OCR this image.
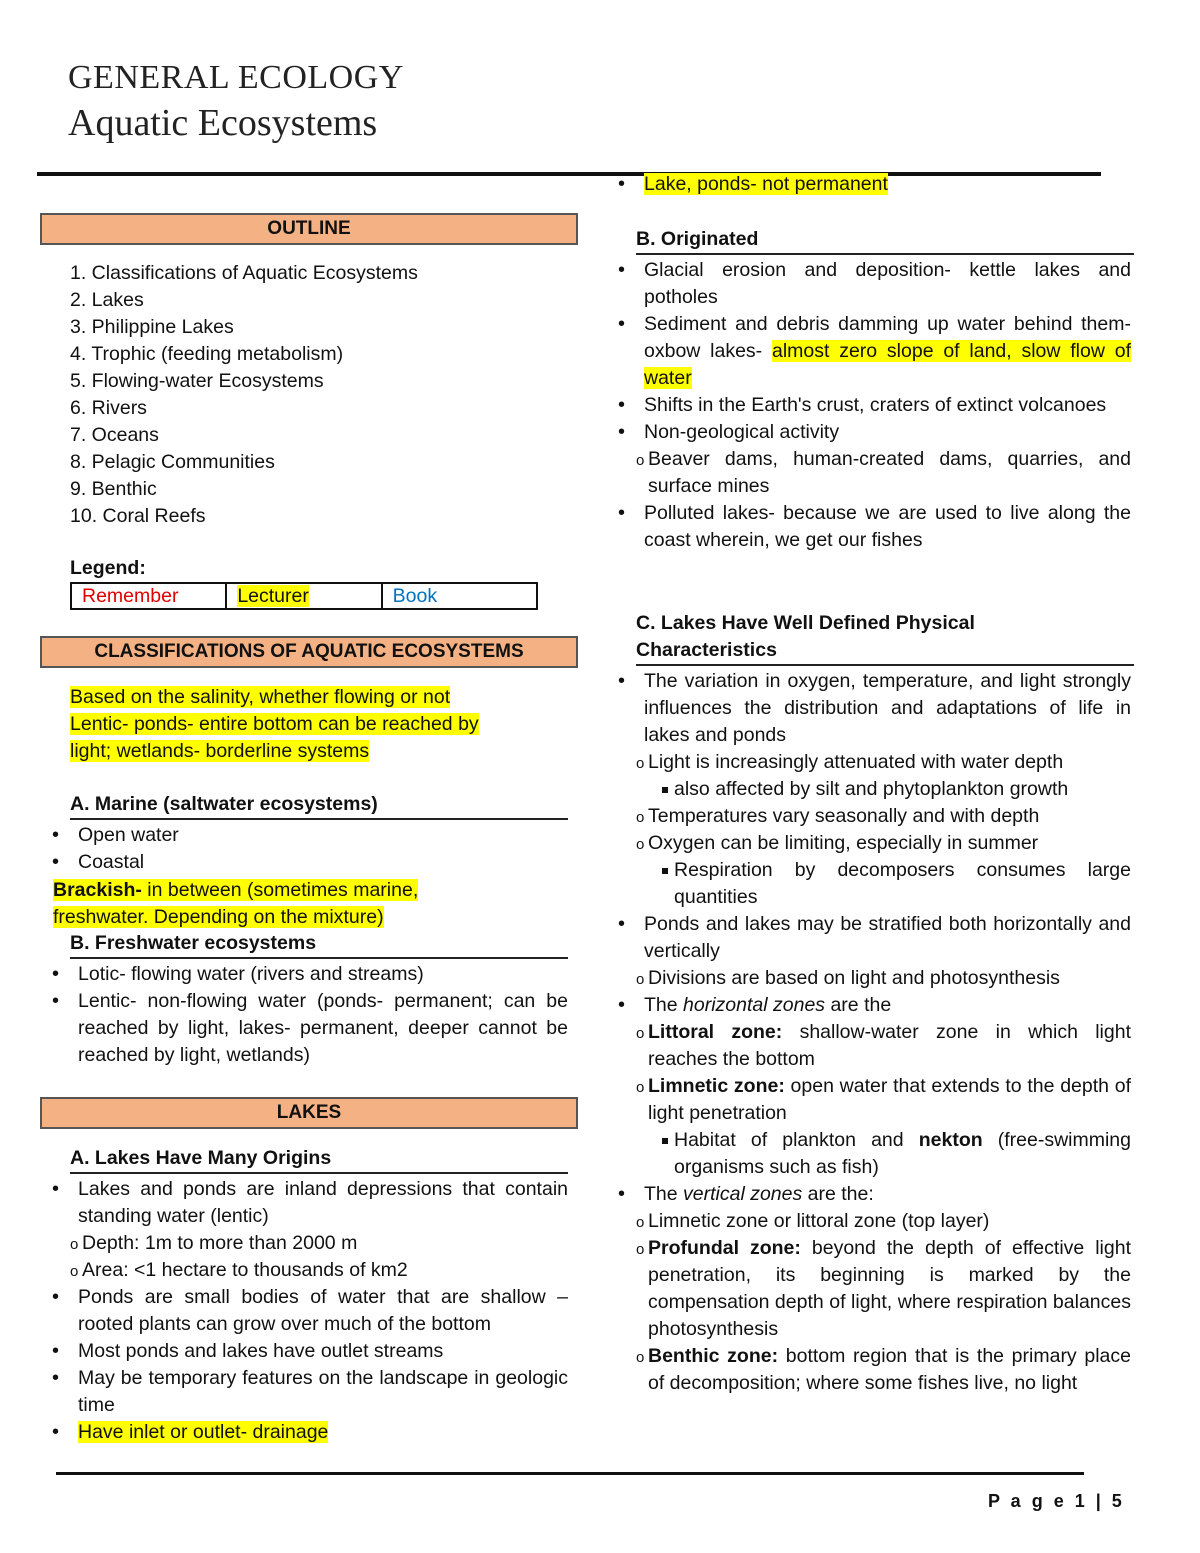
GENERAL ECOLOGY
Aquatic Ecosystems
OUTLINE
1. Classifications of Aquatic Ecosystems
2. Lakes
3. Philippine Lakes
4. Trophic (feeding metabolism)
5. Flowing-water Ecosystems
6. Rivers
7. Oceans
8. Pelagic Communities
9. Benthic
10. Coral Reefs
Legend:
Remember	Lecturer	Book
CLASSIFICATIONS OF AQUATIC ECOSYSTEMS
Based on the salinity, whether flowing or not
Lentic- ponds- entire bottom can be reached by
light; wetlands- borderline systems
A. Marine (saltwater ecosystems)
• Open water
• Coastal
Brackish- in between (sometimes marine,
freshwater. Depending on the mixture)
B. Freshwater ecosystems
• Lotic- flowing water (rivers and streams)
• Lentic- non-flowing water (ponds- permanent; can be reached by light, lakes- permanent, deeper cannot be reached by light, wetlands)
LAKES
A. Lakes Have Many Origins
• Lakes and ponds are inland depressions that contain standing water (lentic)
o Depth: 1m to more than 2000 m
o Area: <1 hectare to thousands of km2
• Ponds are small bodies of water that are shallow – rooted plants can grow over much of the bottom
• Most ponds and lakes have outlet streams
• May be temporary features on the landscape in geologic time
• Have inlet or outlet- drainage
• Lake, ponds- not permanent
B. Originated
• Glacial erosion and deposition- kettle lakes and potholes
• Sediment and debris damming up water behind them- oxbow lakes- almost zero slope of land, slow flow of water
• Shifts in the Earth's crust, craters of extinct volcanoes
• Non-geological activity
o Beaver dams, human-created dams, quarries, and surface mines
• Polluted lakes- because we are used to live along the coast wherein, we get our fishes
C. Lakes Have Well Defined Physical
Characteristics
• The variation in oxygen, temperature, and light strongly influences the distribution and adaptations of life in lakes and ponds
o Light is increasingly attenuated with water depth
also affected by silt and phytoplankton growth
o Temperatures vary seasonally and with depth
o Oxygen can be limiting, especially in summer
Respiration by decomposers consumes large quantities
• Ponds and lakes may be stratified both horizontally and vertically
o Divisions are based on light and photosynthesis
• The horizontal zones are the
o Littoral zone: shallow-water zone in which light reaches the bottom
o Limnetic zone: open water that extends to the depth of light penetration
Habitat of plankton and nekton (free-swimming organisms such as fish)
• The vertical zones are the:
o Limnetic zone or littoral zone (top layer)
o Profundal zone: beyond the depth of effective light penetration, its beginning is marked by the compensation depth of light, where respiration balances photosynthesis
o Benthic zone: bottom region that is the primary place of decomposition; where some fishes live, no light
P a g e 1 | 5
